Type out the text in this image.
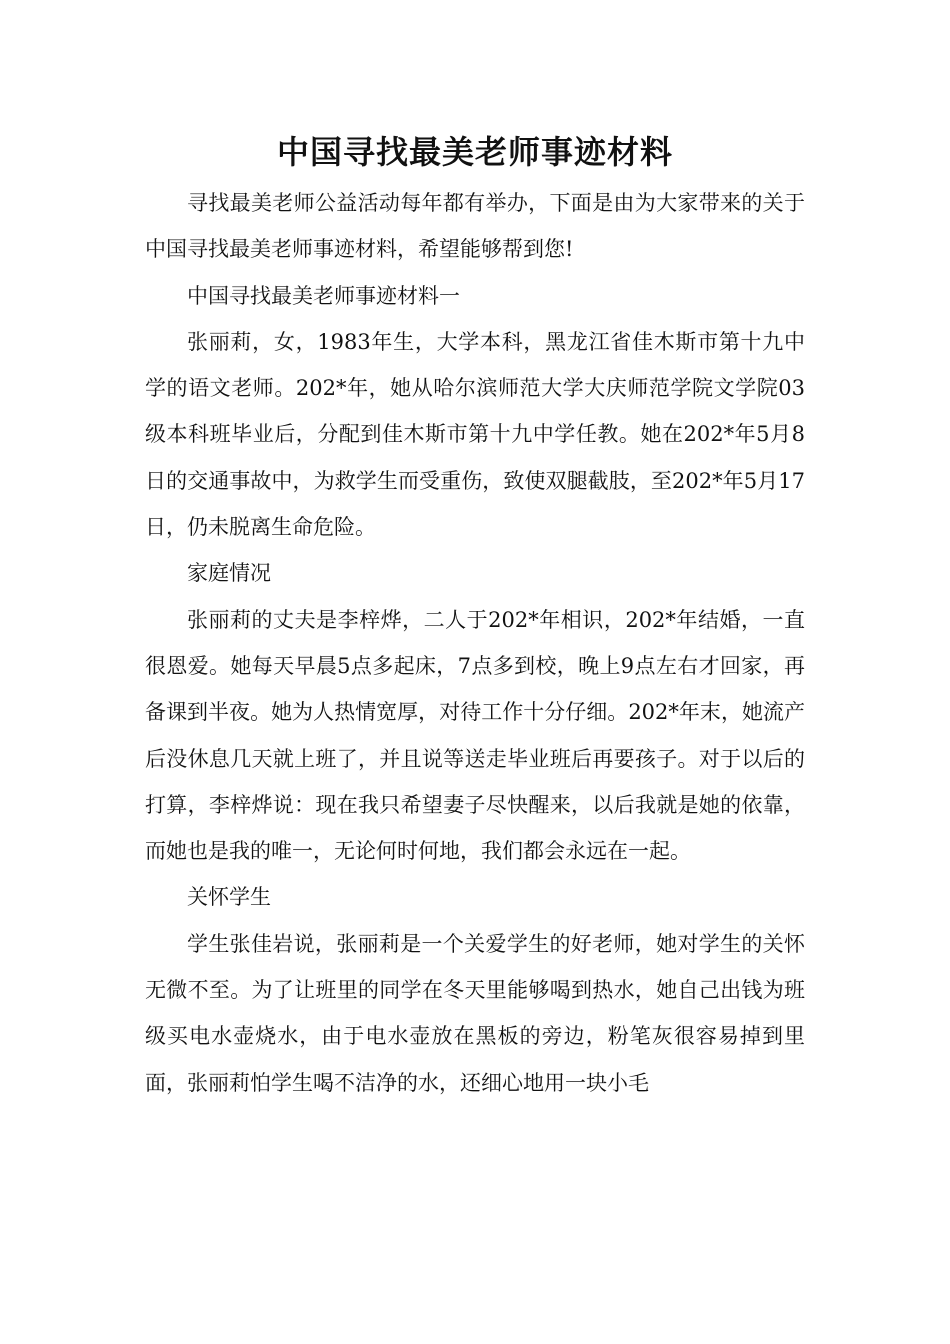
中国寻找最美老师事迹材料

寻找最美老师公益活动每年都有举办，下面是由为大家带来的关于中国寻找最美老师事迹材料，希望能够帮到您!

中国寻找最美老师事迹材料一

张丽莉，女，1983年生，大学本科，黑龙江省佳木斯市第十九中学的语文老师。202*年，她从哈尔滨师范大学大庆师范学院文学院03级本科班毕业后，分配到佳木斯市第十九中学任教。她在202*年5月8日的交通事故中，为救学生而受重伤，致使双腿截肢，至202*年5月17日，仍未脱离生命危险。

家庭情况

张丽莉的丈夫是李梓烨，二人于202*年相识，202*年结婚，一直很恩爱。她每天早晨5点多起床，7点多到校，晚上9点左右才回家，再备课到半夜。她为人热情宽厚，对待工作十分仔细。202*年末，她流产后没休息几天就上班了，并且说等送走毕业班后再要孩子。对于以后的打算，李梓烨说：现在我只希望妻子尽快醒来，以后我就是她的依靠，而她也是我的唯一，无论何时何地，我们都会永远在一起。

关怀学生

学生张佳岩说，张丽莉是一个关爱学生的好老师，她对学生的关怀无微不至。为了让班里的同学在冬天里能够喝到热水，她自己出钱为班级买电水壶烧水，由于电水壶放在黑板的旁边，粉笔灰很容易掉到里面，张丽莉怕学生喝不洁净的水，还细心地用一块小毛
